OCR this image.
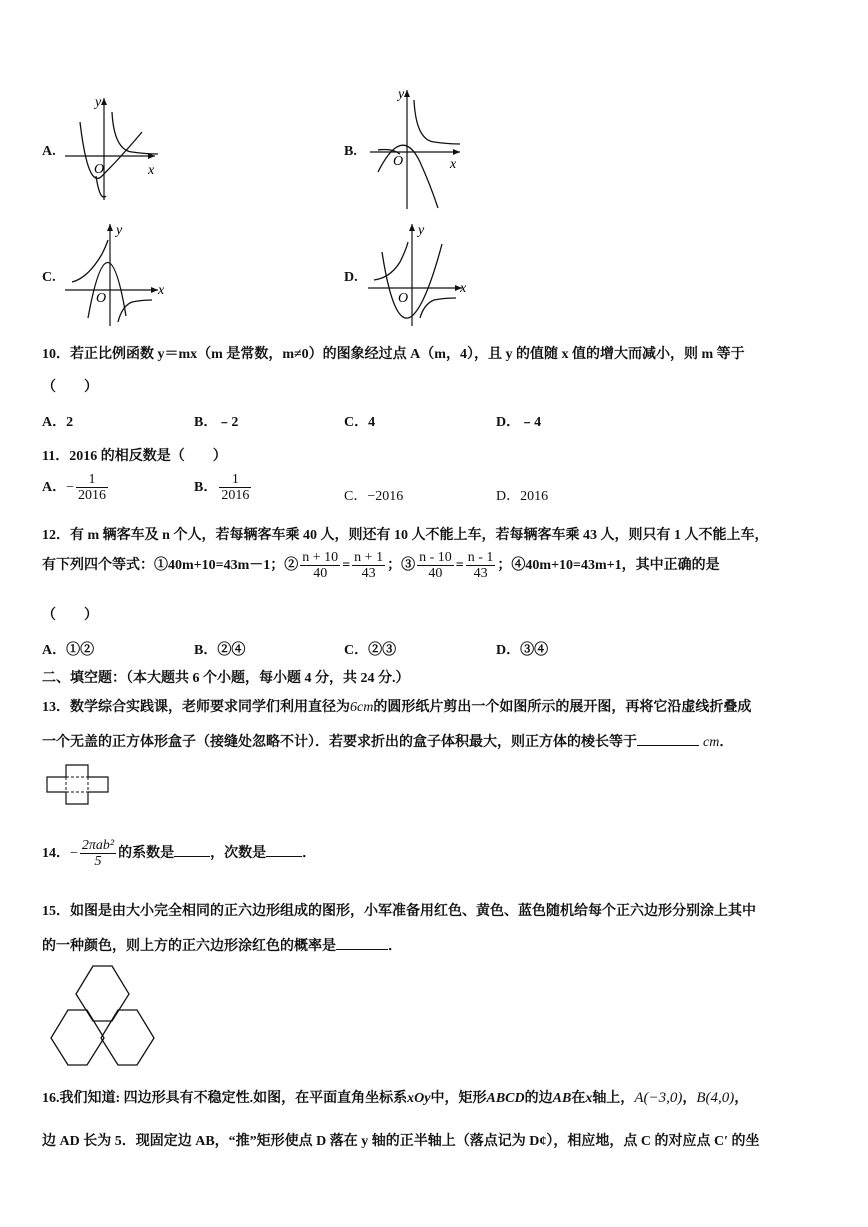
A.
y
x
O
B.
y
x
O
C.
y
x
O
D.
y
x
O
10．若正比例函数 y＝mx（m 是常数，m≠0）的图象经过点 A（m，4），且 y 的值随 x 值的增大而减小，则 m 等于
（　　）
A．2	B．﹣2	C．4	D．﹣4
11．2016 的相反数是（　　）
A．− $\frac{1}{2016}$	B． $\frac{1}{2016}$	C．−2016	D．2016
12．有 m 辆客车及 n 个人，若每辆客车乘 40 人，则还有 10 人不能上车，若每辆客车乘 43 人，则只有 1 人不能上车，
有下列四个等式：①40m+10=43m－1；② $\frac{n + 10}{40} = \frac{n + 1}{43}$ ；③ $\frac{n - 10}{40} = \frac{n - 1}{43}$ ；④40m+10=43m+1，其中正确的是
（　　）
A．①②	B．②④	C．②③	D．③④
二、填空题：（本大题共 6 个小题，每小题 4 分，共 24 分.）
13．数学综合实践课，老师要求同学们利用直径为6cm的圆形纸片剪出一个如图所示的展开图，再将它沿虚线折叠成
一个无盖的正方体形盒子（接缝处忽略不计）．若要求折出的盒子体积最大，则正方体的棱长等于	cm．
14．− $\frac{\text{2πab²}}{5}$ 的系数是	，次数是	．
15．如图是由大小完全相同的正六边形组成的图形，小军准备用红色、黄色、蓝色随机给每个正六边形分别涂上其中
的一种颜色，则上方的正六边形涂红色的概率是	．
16.我们知道: 四边形具有不稳定性.如图，在平面直角坐标系xOy中，矩形ABCD的边AB在x轴上，A(−3,0)，B(4,0)，
边 AD 长为 5．现固定边 AB，“推”矩形使点 D 落在 y 轴的正半轴上（落点记为 D¢），相应地，点 C 的对应点 C′ 的坐
